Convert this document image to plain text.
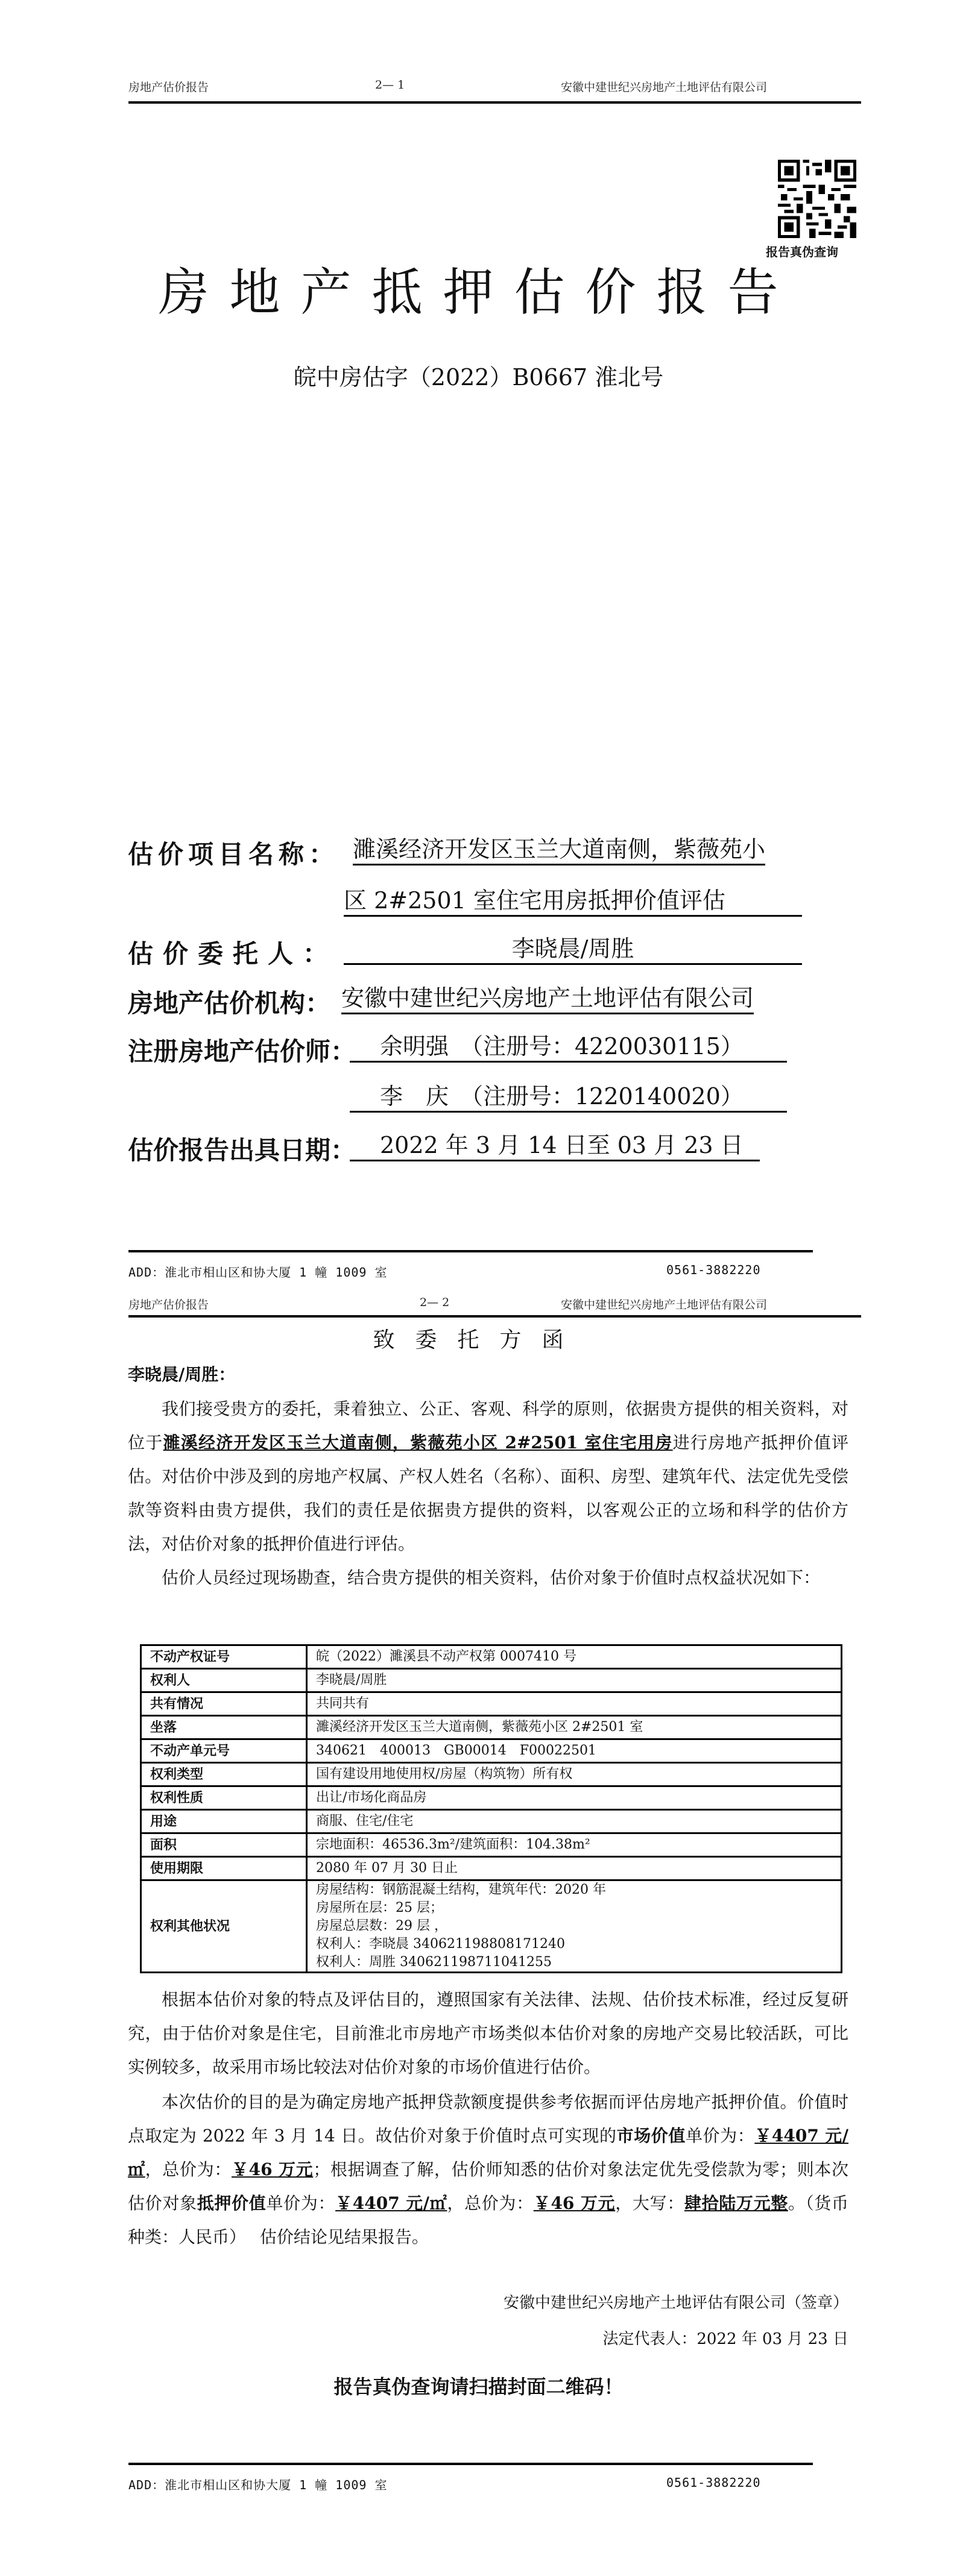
房地产估价报告	2— 1	安徽中建世纪兴房地产土地评估有限公司
报告真伪查询
房地产抵押估价报告
皖中房估字（2022）B0667 淮北号
估价项目名称： 濉溪经济开发区玉兰大道南侧，紫薇苑小
区 2#2501 室住宅用房抵押价值评估
估价委托人：	李晓晨/周胜
房地产估价机构： 安徽中建世纪兴房地产土地评估有限公司
注册房地产估价师：	余明强　（注册号：4220030115）
李　庆　（注册号：1220140020）
估价报告出具日期：	2022 年 3 月 14 日至 03 月 23 日
ADD：淮北市相山区和协大厦 1 幢 1009 室	0561-3882220
房地产估价报告	2— 2	安徽中建世纪兴房地产土地评估有限公司
致委托方函
李晓晨/周胜：
我们接受贵方的委托，秉着独立、公正、客观、科学的原则，依据贵方提供的相关资料，对位于濉溪经济开发区玉兰大道南侧，紫薇苑小区 2#2501 室住宅用房进行房地产抵押价值评估。对估价中涉及到的房地产权属、产权人姓名（名称）、面积、房型、建筑年代、法定优先受偿款等资料由贵方提供，我们的责任是依据贵方提供的资料，以客观公正的立场和科学的估价方法，对估价对象的抵押价值进行评估。
估价人员经过现场勘查，结合贵方提供的相关资料，估价对象于价值时点权益状况如下：
不动产权证号	皖（2022）濉溪县不动产权第 0007410 号
权利人	李晓晨/周胜
共有情况	共同共有
坐落	濉溪经济开发区玉兰大道南侧，紫薇苑小区 2#2501 室
不动产单元号	340621　400013　GB00014　F00022501
权利类型	国有建设用地使用权/房屋（构筑物）所有权
权利性质	出让/市场化商品房
用途	商服、住宅/住宅
面积	宗地面积：46536.3m²/建筑面积：104.38m²
使用期限	2080 年 07 月 30 日止
权利其他状况	房屋结构：钢筋混凝土结构，建筑年代：2020 年
房屋所在层：25 层；
房屋总层数：29 层 ，
权利人：李晓晨 340621198808171240
权利人：周胜 340621198711041255
根据本估价对象的特点及评估目的，遵照国家有关法律、法规、估价技术标准，经过反复研究，由于估价对象是住宅，目前淮北市房地产市场类似本估价对象的房地产交易比较活跃，可比实例较多，故采用市场比较法对估价对象的市场价值进行估价。
本次估价的目的是为确定房地产抵押贷款额度提供参考依据而评估房地产抵押价值。价值时点取定为 2022 年 3 月 14 日。故估价对象于价值时点可实现的市场价值单价为：￥4407 元/㎡，总价为：￥46 万元；根据调查了解，估价师知悉的估价对象法定优先受偿款为零；则本次估价对象抵押价值单价为：￥4407 元/㎡，总价为：￥46 万元，大写：肆拾陆万元整。（货币种类：人民币）　 估价结论见结果报告。
安徽中建世纪兴房地产土地评估有限公司（签章）
法定代表人：2022 年 03 月 23 日
报告真伪查询请扫描封面二维码！
ADD：淮北市相山区和协大厦 1 幢 1009 室	0561-3882220
